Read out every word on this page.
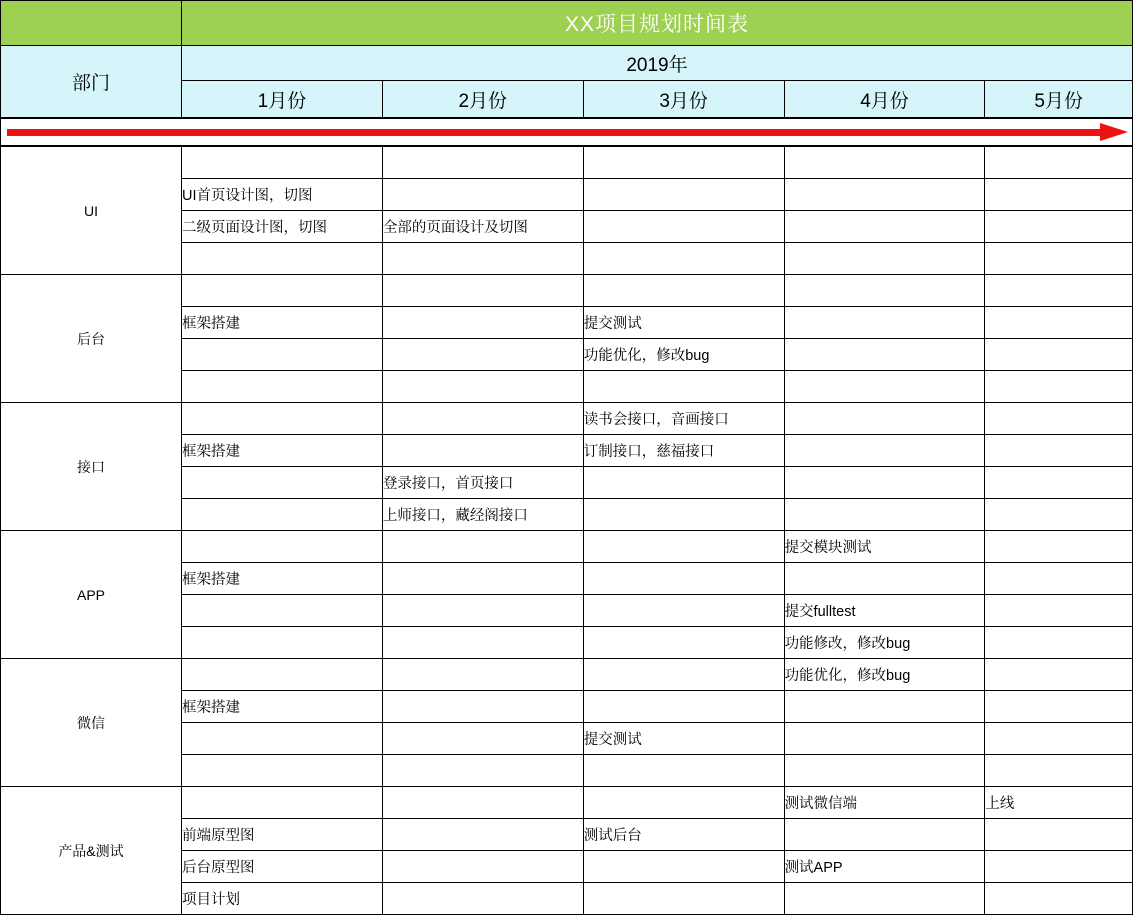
	XX项目规划时间表				
部门	2019年				
	1月份	2月份	3月份	4月份	5月份
UI					
	UI首页设计图，切图				
	二级页面设计图，切图	全部的页面设计及切图			

后台					
	框架搭建		提交测试		
			功能优化，修改bug		

接口			读书会接口，音画接口		
	框架搭建		订制接口，慈福接口		
		登录接口，首页接口			
		上师接口，藏经阁接口			
APP				提交模块测试	
	框架搭建				
				提交fulltest	
				功能修改，修改bug	
微信				功能优化，修改bug	
	框架搭建				
			提交测试		

产品&测试				测试微信端	上线
	前端原型图		测试后台		
	后台原型图			测试APP	
	项目计划				
